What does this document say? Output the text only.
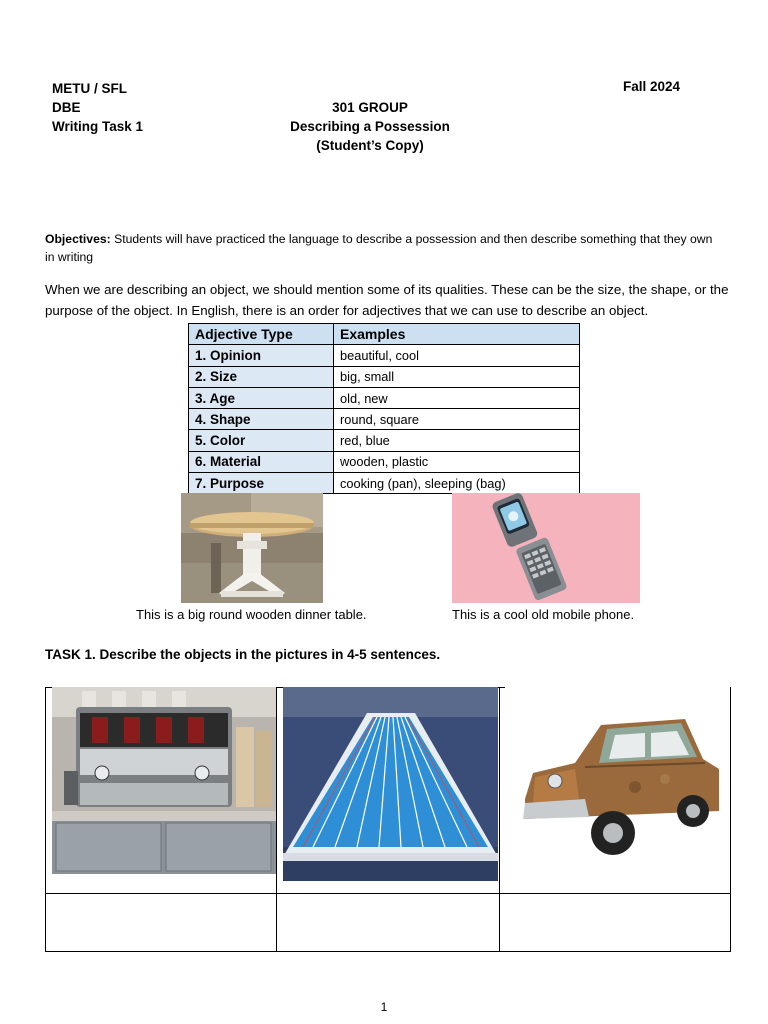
METU / SFL
DBE
Writing Task 1
301 GROUP
Describing a Possession
(Student’s Copy)
Fall 2024
Objectives: Students will have practiced the language to describe a possession and then describe something that they own in writing
When we are describing an object, we should mention some of its qualities. These can be the size, the shape, or the purpose of the object. In English, there is an order for adjectives that we can use to describe an object.
Adjective Type	Examples
1. Opinion	beautiful, cool
2. Size	big, small
3. Age	old, new
4. Shape	round, square
5. Color	red, blue
6. Material	wooden, plastic
7. Purpose	cooking (pan), sleeping (bag)
This is a big round wooden dinner table.	This is a cool old mobile phone.
TASK 1. Describe the objects in the pictures in 4-5 sentences.
1
